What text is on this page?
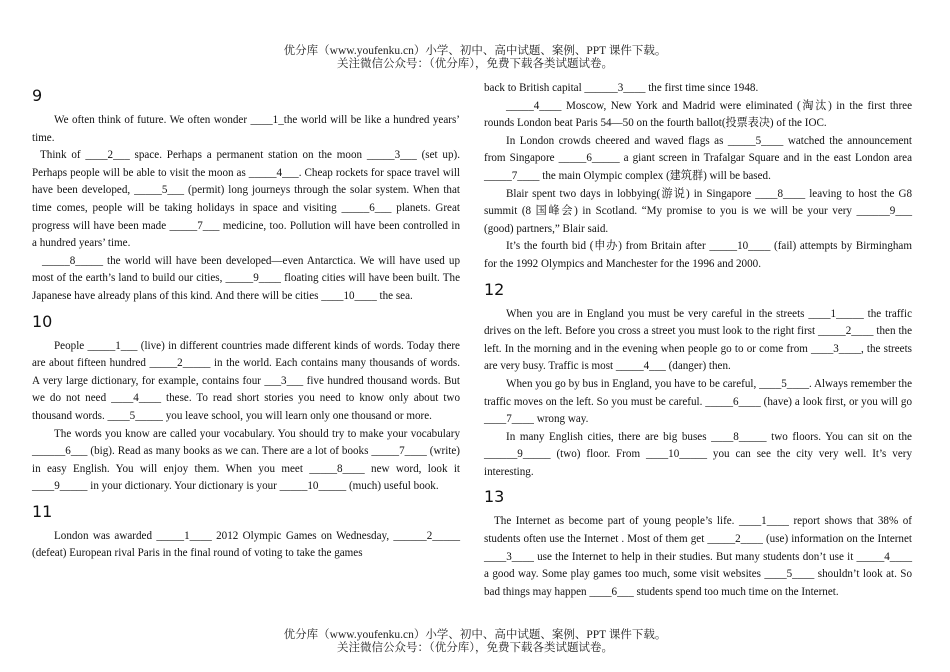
优分库（www.youfenku.cn）小学、初中、高中试题、案例、PPT 课件下载。
关注微信公众号：（优分库），免费下载各类试题试卷。
9

We often think of future. We often wonder ____1_the world will be like a hundred years’ time.

Think of ____2___ space. Perhaps a permanent station on the moon _____3___ (set up). Perhaps people will be able to visit the moon as _____4___. Cheap rockets for space travel will have been developed, _____5___ (permit) long journeys through the solar system. When that time comes, people will be taking holidays in space and visiting _____6___ planets. Great progress will have been made _____7___ medicine, too. Pollution will have been controlled in a hundred years’ time.

_____8_____ the world will have been developed—even Antarctica. We will have used up most of the earth’s land to build our cities, _____9____ floating cities will have been built. The Japanese have already plans of this kind. And there will be cities ____10____ the sea.

10

People _____1___ (live) in different countries made different kinds of words. Today there are about fifteen hundred _____2_____ in the world. Each contains many thousands of words. A very large dictionary, for example, contains four ___3___ five hundred thousand words. But we do not need ____4____ these. To read short stories you need to know only about two thousand words. ____5_____ you leave school, you will learn only one thousand or more.

The words you know are called your vocabulary. You should try to make your vocabulary ______6___ (big). Read as many books as we can. There are a lot of books _____7____ (write) in easy English. You will enjoy them. When you meet _____8____ new word, look it ____9_____ in your dictionary. Your dictionary is your _____10_____ (much) useful book.

11

London was awarded _____1____ 2012 Olympic Games on Wednesday, ______2_____ (defeat) European rival Paris in the final round of voting to take the games

back to British capital ______3____ the first time since 1948.

_____4____ Moscow, New York and Madrid were eliminated (淘汰) in the first three rounds London beat Paris 54—50 on the fourth ballot(投票表决) of the IOC.

In London crowds cheered and waved flags as _____5____ watched the announcement from Singapore _____6_____ a giant screen in Trafalgar Square and in the east London area _____7____ the main Olympic complex (建筑群) will be based.

Blair spent two days in lobbying(游说) in Singapore ____8____ leaving to host the G8 summit (8 国峰会) in Scotland. “My promise to you is we will be your very ______9___ (good) partners,” Blair said.

It’s the fourth bid (申办) from Britain after _____10____ (fail) attempts by Birmingham for the 1992 Olympics and Manchester for the 1996 and 2000.

12

When you are in England you must be very careful in the streets ____1_____ the traffic drives on the left. Before you cross a street you must look to the right first _____2____ then the left. In the morning and in the evening when people go to or come from ____3____, the streets are very busy. Traffic is most _____4___ (danger) then.

When you go by bus in England, you have to be careful, ____5____. Always remember the traffic moves on the left. So you must be careful. _____6____ (have) a look first, or you will go ____7____ wrong way.

In many English cities, there are big buses ____8_____ two floors. You can sit on the ______9_____ (two) floor. From ____10_____ you can see the city very well. It’s very interesting.

13

The Internet as become part of young people’s life. ____1____ report shows that 38% of students often use the Internet . Most of them get _____2____ (use) information on the Internet ____3____ use the Internet to help in their studies. But many students don’t use it _____4____ a good way. Some play games too much, some visit websites ____5____ shouldn’t look at. So bad things may happen ____6___ students spend too much time on the Internet.

优分库（www.youfenku.cn）小学、初中、高中试题、案例、PPT 课件下载。
关注微信公众号：（优分库），免费下载各类试题试卷。
